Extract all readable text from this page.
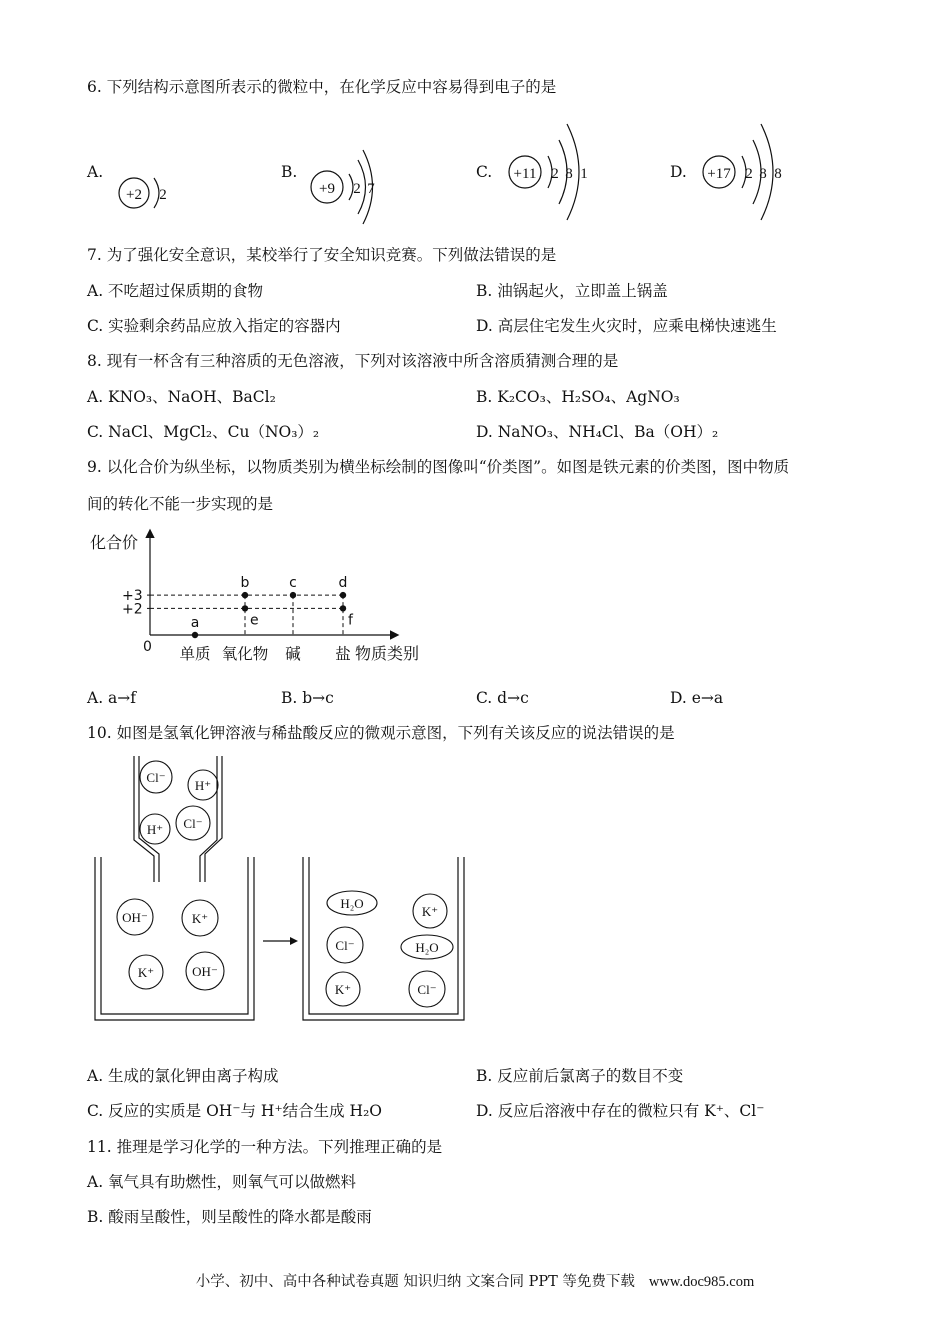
6. 下列结构示意图所表示的微粒中，在化学反应中容易得到电子的是
A.
+2 2
B.
+9 2 7
C. +11 2 8 1	D. +17 2 8 8
7. 为了强化安全意识，某校举行了安全知识竞赛。下列做法错误的是
A. 不吃超过保质期的食物	B. 油锅起火，立即盖上锅盖
C. 实验剩余药品应放入指定的容器内	D. 高层住宅发生火灾时，应乘电梯快速逃生
8. 现有一杯含有三种溶质的无色溶液，下列对该溶液中所含溶质猜测合理的是
A. KNO₃、NaOH、BaCl₂	B. K₂CO₃、H₂SO₄、AgNO₃
C. NaCl、MgCl₂、Cu（NO₃）₂	D. NaNO₃、NH₄Cl、Ba（OH）₂
9. 以化合价为纵坐标，以物质类别为横坐标绘制的图像叫“价类图”。如图是铁元素的价类图，图中物质
间的转化不能一步实现的是
化合价
物质类别
0
+3
+2
单质 氧化物 碱 盐
a
b	c	d
e	f
A. a→f	B. b→c	C. d→c	D. e→a
10. 如图是氢氧化钾溶液与稀盐酸反应的微观示意图，下列有关该反应的说法错误的是
Cl⁻
H⁺
H⁺ Cl⁻
OH⁻	K⁺
K⁺	OH⁻
H₂O
K⁺
Cl⁻	H₂O
K⁺	Cl⁻
A. 生成的氯化钾由离子构成	B. 反应前后氯离子的数目不变
C. 反应的实质是 OH⁻与 H⁺结合生成 H₂O	D. 反应后溶液中存在的微粒只有 K⁺、Cl⁻
11. 推理是学习化学的一种方法。下列推理正确的是
A. 氧气具有助燃性，则氧气可以做燃料
B. 酸雨呈酸性，则呈酸性的降水都是酸雨
小学、初中、高中各种试卷真题 知识归纳 文案合同 PPT 等免费下载 www.doc985.com
